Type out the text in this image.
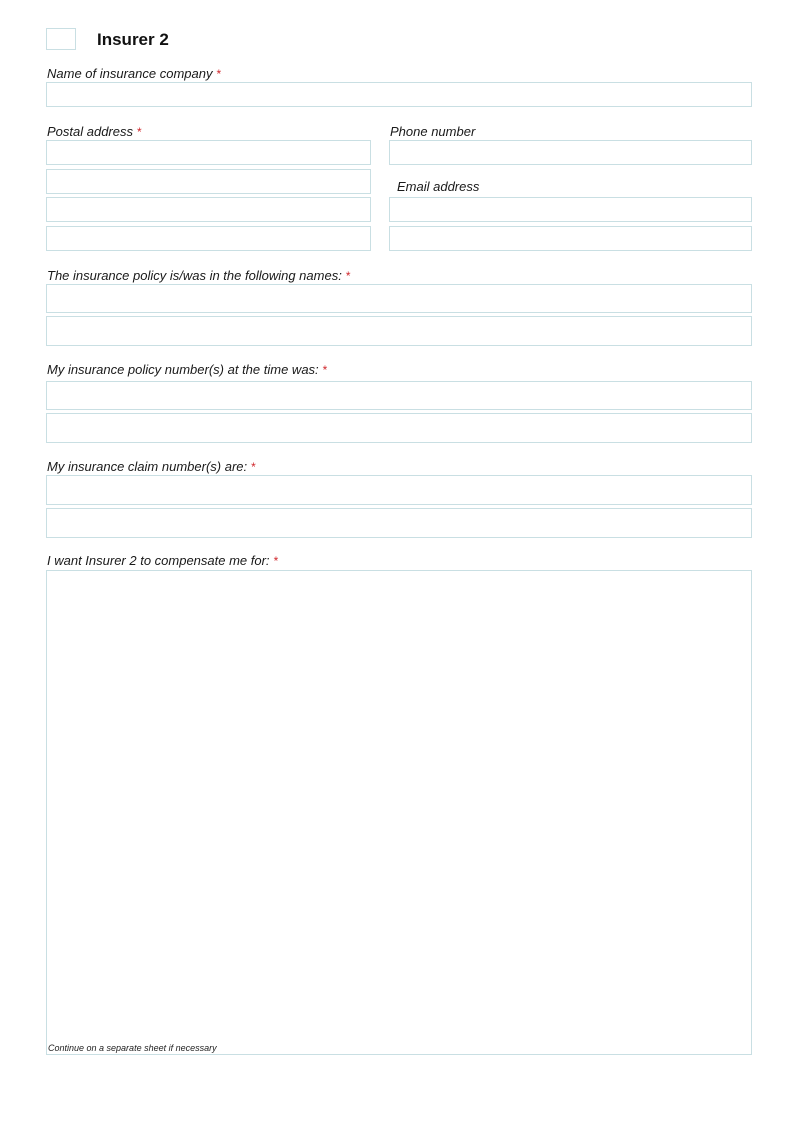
Insurer 2
Name of insurance company *
Postal address *	Phone number
Email address
The insurance policy is/was in the following names: *
My insurance policy number(s) at the time was: *
My insurance claim number(s) are: *
I want Insurer 2 to compensate me for: *
Continue on a separate sheet if necessary
